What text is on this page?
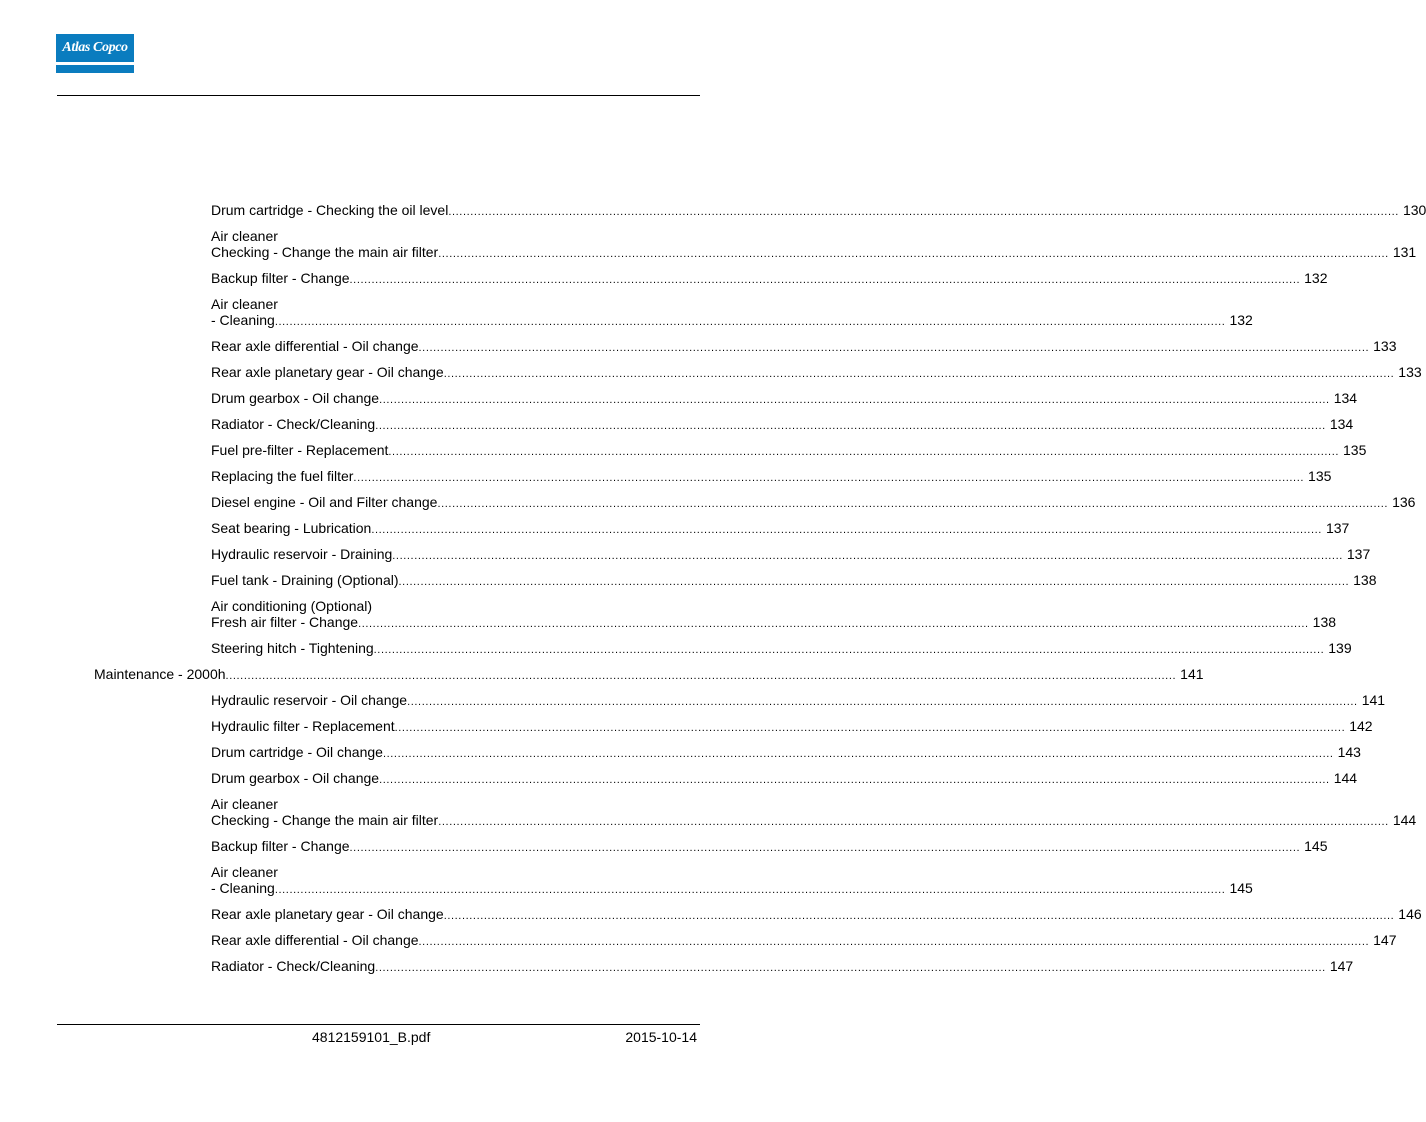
Atlas Copco
Drum cartridge - Checking the oil level .................................................................................................................................................................................................................................................................... 130
Air cleaner
Checking - Change the main air filter .................................................................................................................................................................................................................................................................... 131
Backup filter - Change .................................................................................................................................................................................................................................................................... 132
Air cleaner
- Cleaning .................................................................................................................................................................................................................................................................... 132
Rear axle differential - Oil change .................................................................................................................................................................................................................................................................... 133
Rear axle planetary gear - Oil change .................................................................................................................................................................................................................................................................... 133
Drum gearbox - Oil change .................................................................................................................................................................................................................................................................... 134
Radiator - Check/Cleaning .................................................................................................................................................................................................................................................................... 134
Fuel pre-filter - Replacement .................................................................................................................................................................................................................................................................... 135
Replacing the fuel filter .................................................................................................................................................................................................................................................................... 135
Diesel engine - Oil and Filter change .................................................................................................................................................................................................................................................................... 136
Seat bearing - Lubrication .................................................................................................................................................................................................................................................................... 137
Hydraulic reservoir - Draining .................................................................................................................................................................................................................................................................... 137
Fuel tank - Draining (Optional) .................................................................................................................................................................................................................................................................... 138
Air conditioning (Optional)
Fresh air filter - Change .................................................................................................................................................................................................................................................................... 138
Steering hitch - Tightening .................................................................................................................................................................................................................................................................... 139
Maintenance - 2000h .................................................................................................................................................................................................................................................................... 141
Hydraulic reservoir - Oil change .................................................................................................................................................................................................................................................................... 141
Hydraulic filter - Replacement .................................................................................................................................................................................................................................................................... 142
Drum cartridge - Oil change .................................................................................................................................................................................................................................................................... 143
Drum gearbox - Oil change .................................................................................................................................................................................................................................................................... 144
Air cleaner
Checking - Change the main air filter .................................................................................................................................................................................................................................................................... 144
Backup filter - Change .................................................................................................................................................................................................................................................................... 145
Air cleaner
- Cleaning .................................................................................................................................................................................................................................................................... 145
Rear axle planetary gear - Oil change .................................................................................................................................................................................................................................................................... 146
Rear axle differential - Oil change .................................................................................................................................................................................................................................................................... 147
Radiator - Check/Cleaning .................................................................................................................................................................................................................................................................... 147
4812159101_B.pdf	2015-10-14
